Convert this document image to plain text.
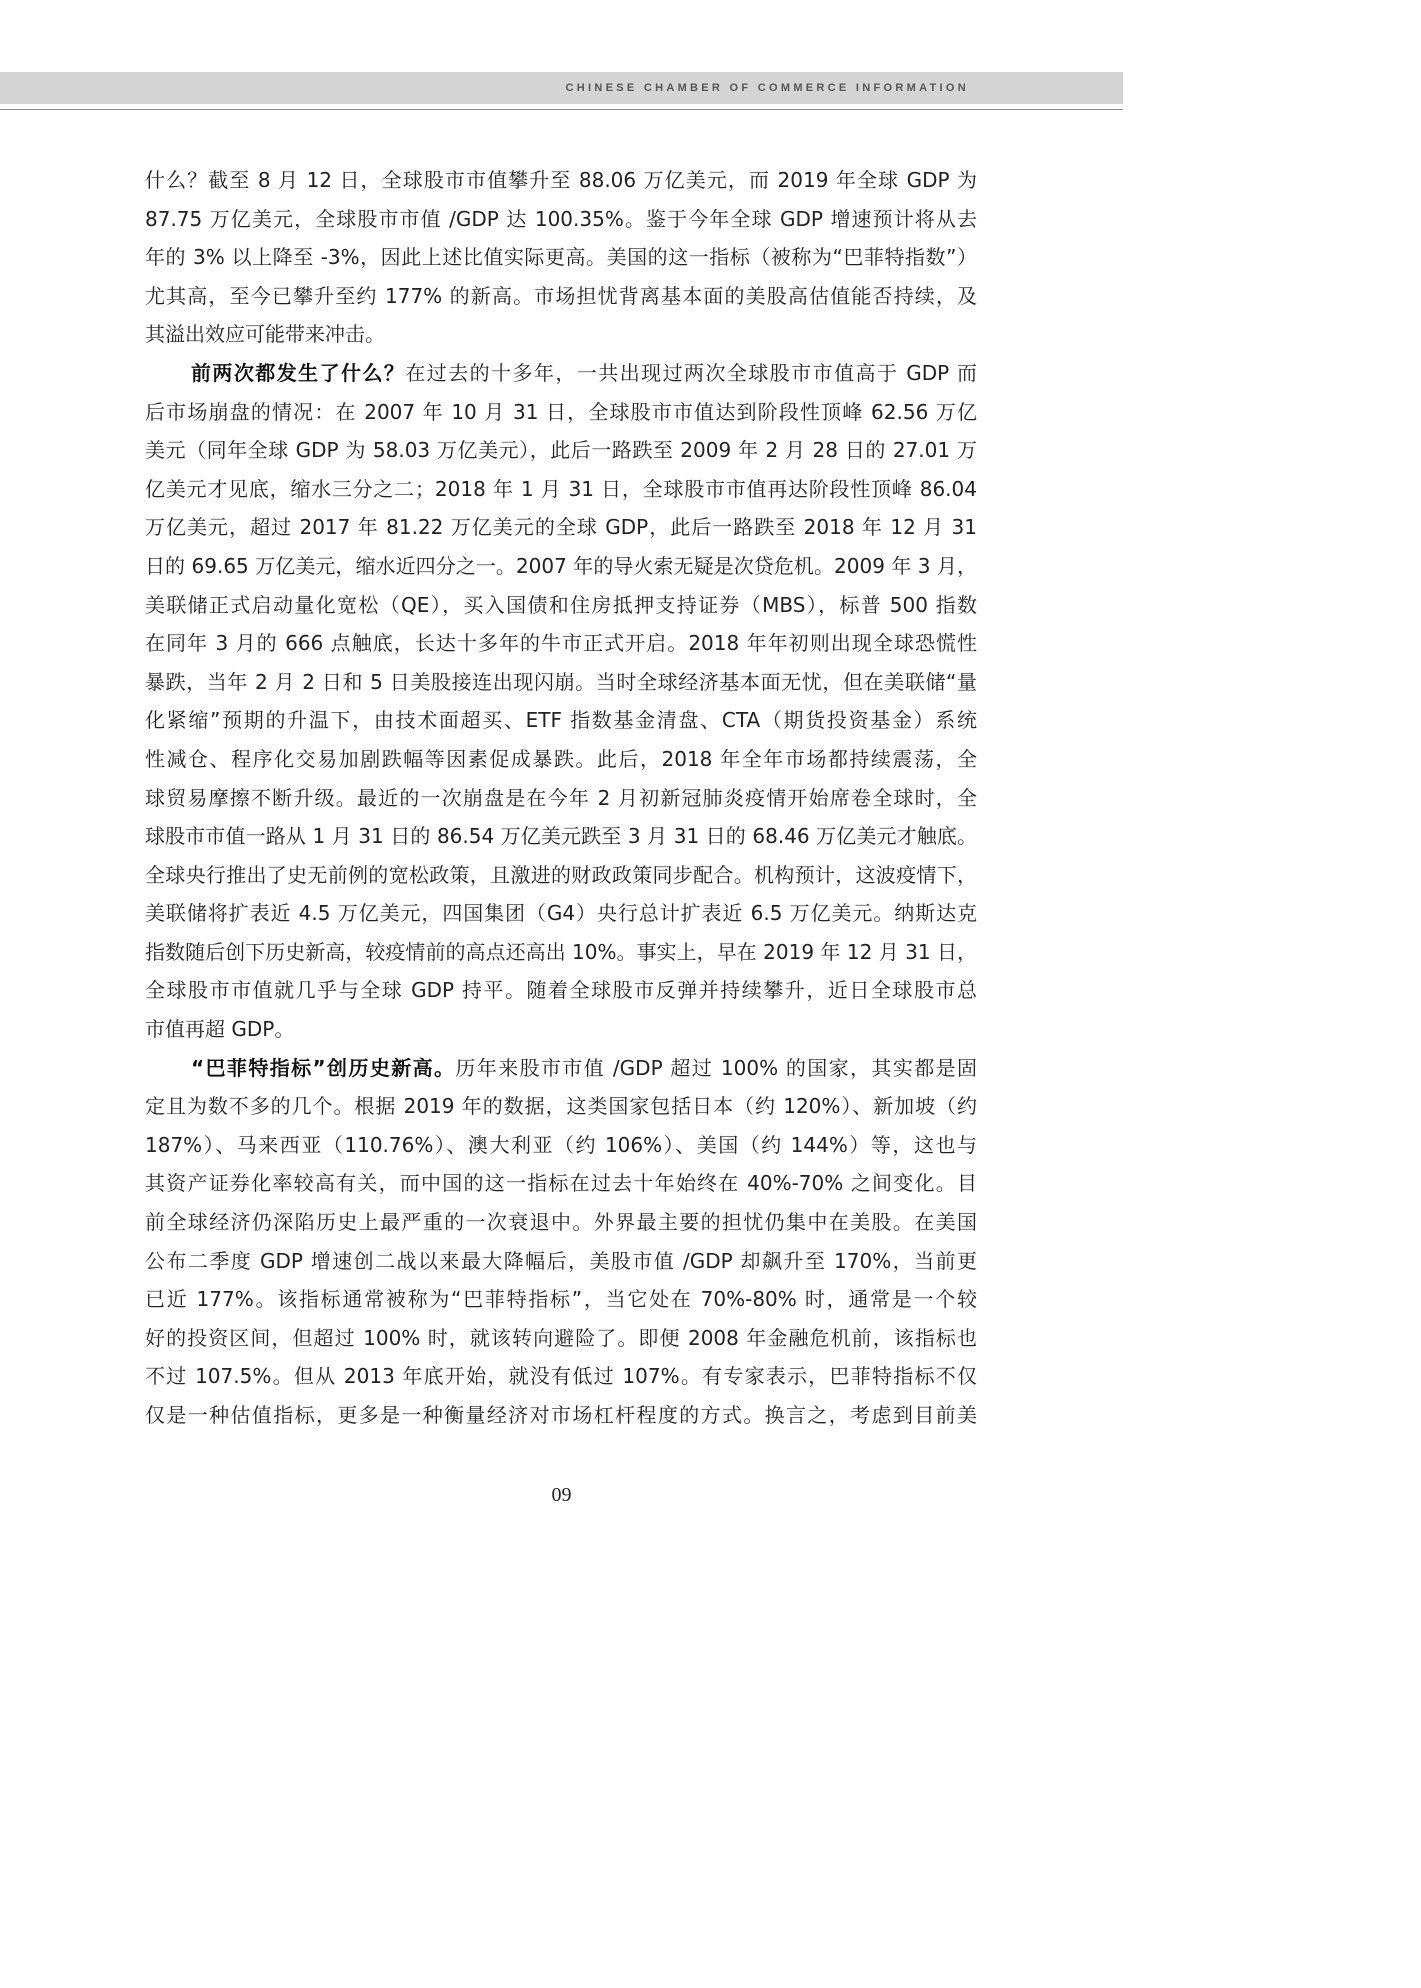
CHINESE CHAMBER OF COMMERCE INFORMATION

什么？截至 8 月 12 日，全球股市市值攀升至 88.06 万亿美元，而 2019 年全球 GDP 为

87.75 万亿美元，全球股市市值 /GDP 达 100.35%。鉴于今年全球 GDP 增速预计将从去

年的 3% 以上降至 -3%，因此上述比值实际更高。美国的这一指标（被称为“巴菲特指数”）

尤其高，至今已攀升至约 177% 的新高。市场担忧背离基本面的美股高估值能否持续，及

其溢出效应可能带来冲击。

前两次都发生了什么？在过去的十多年，一共出现过两次全球股市市值高于 GDP 而

后市场崩盘的情况：在 2007 年 10 月 31 日，全球股市市值达到阶段性顶峰 62.56 万亿

美元（同年全球 GDP 为 58.03 万亿美元），此后一路跌至 2009 年 2 月 28 日的 27.01 万

亿美元才见底，缩水三分之二；2018 年 1 月 31 日，全球股市市值再达阶段性顶峰 86.04

万亿美元，超过 2017 年 81.22 万亿美元的全球 GDP，此后一路跌至 2018 年 12 月 31

日的 69.65 万亿美元，缩水近四分之一。2007 年的导火索无疑是次贷危机。2009 年 3 月，

美联储正式启动量化宽松（QE），买入国债和住房抵押支持证券（MBS），标普 500 指数

在同年 3 月的 666 点触底，长达十多年的牛市正式开启。2018 年年初则出现全球恐慌性

暴跌，当年 2 月 2 日和 5 日美股接连出现闪崩。当时全球经济基本面无忧，但在美联储“量

化紧缩”预期的升温下，由技术面超买、ETF 指数基金清盘、CTA（期货投资基金）系统

性减仓、程序化交易加剧跌幅等因素促成暴跌。此后，2018 年全年市场都持续震荡，全

球贸易摩擦不断升级。最近的一次崩盘是在今年 2 月初新冠肺炎疫情开始席卷全球时，全

球股市市值一路从 1 月 31 日的 86.54 万亿美元跌至 3 月 31 日的 68.46 万亿美元才触底。

全球央行推出了史无前例的宽松政策，且激进的财政政策同步配合。机构预计，这波疫情下，

美联储将扩表近 4.5 万亿美元，四国集团（G4）央行总计扩表近 6.5 万亿美元。纳斯达克

指数随后创下历史新高，较疫情前的高点还高出 10%。事实上，早在 2019 年 12 月 31 日，

全球股市市值就几乎与全球 GDP 持平。随着全球股市反弹并持续攀升，近日全球股市总

市值再超 GDP。

“巴菲特指标”创历史新高。历年来股市市值 /GDP 超过 100% 的国家，其实都是固

定且为数不多的几个。根据 2019 年的数据，这类国家包括日本（约 120%）、新加坡（约

187%）、马来西亚（110.76%）、澳大利亚（约 106%）、美国（约 144%）等，这也与

其资产证券化率较高有关，而中国的这一指标在过去十年始终在 40%-70% 之间变化。目

前全球经济仍深陷历史上最严重的一次衰退中。外界最主要的担忧仍集中在美股。在美国

公布二季度 GDP 增速创二战以来最大降幅后，美股市值 /GDP 却飙升至 170%，当前更

已近 177%。该指标通常被称为“巴菲特指标”，当它处在 70%-80% 时，通常是一个较

好的投资区间，但超过 100% 时，就该转向避险了。即便 2008 年金融危机前，该指标也

不过 107.5%。但从 2013 年底开始，就没有低过 107%。有专家表示，巴菲特指标不仅

仅是一种估值指标，更多是一种衡量经济对市场杠杆程度的方式。换言之，考虑到目前美

09
